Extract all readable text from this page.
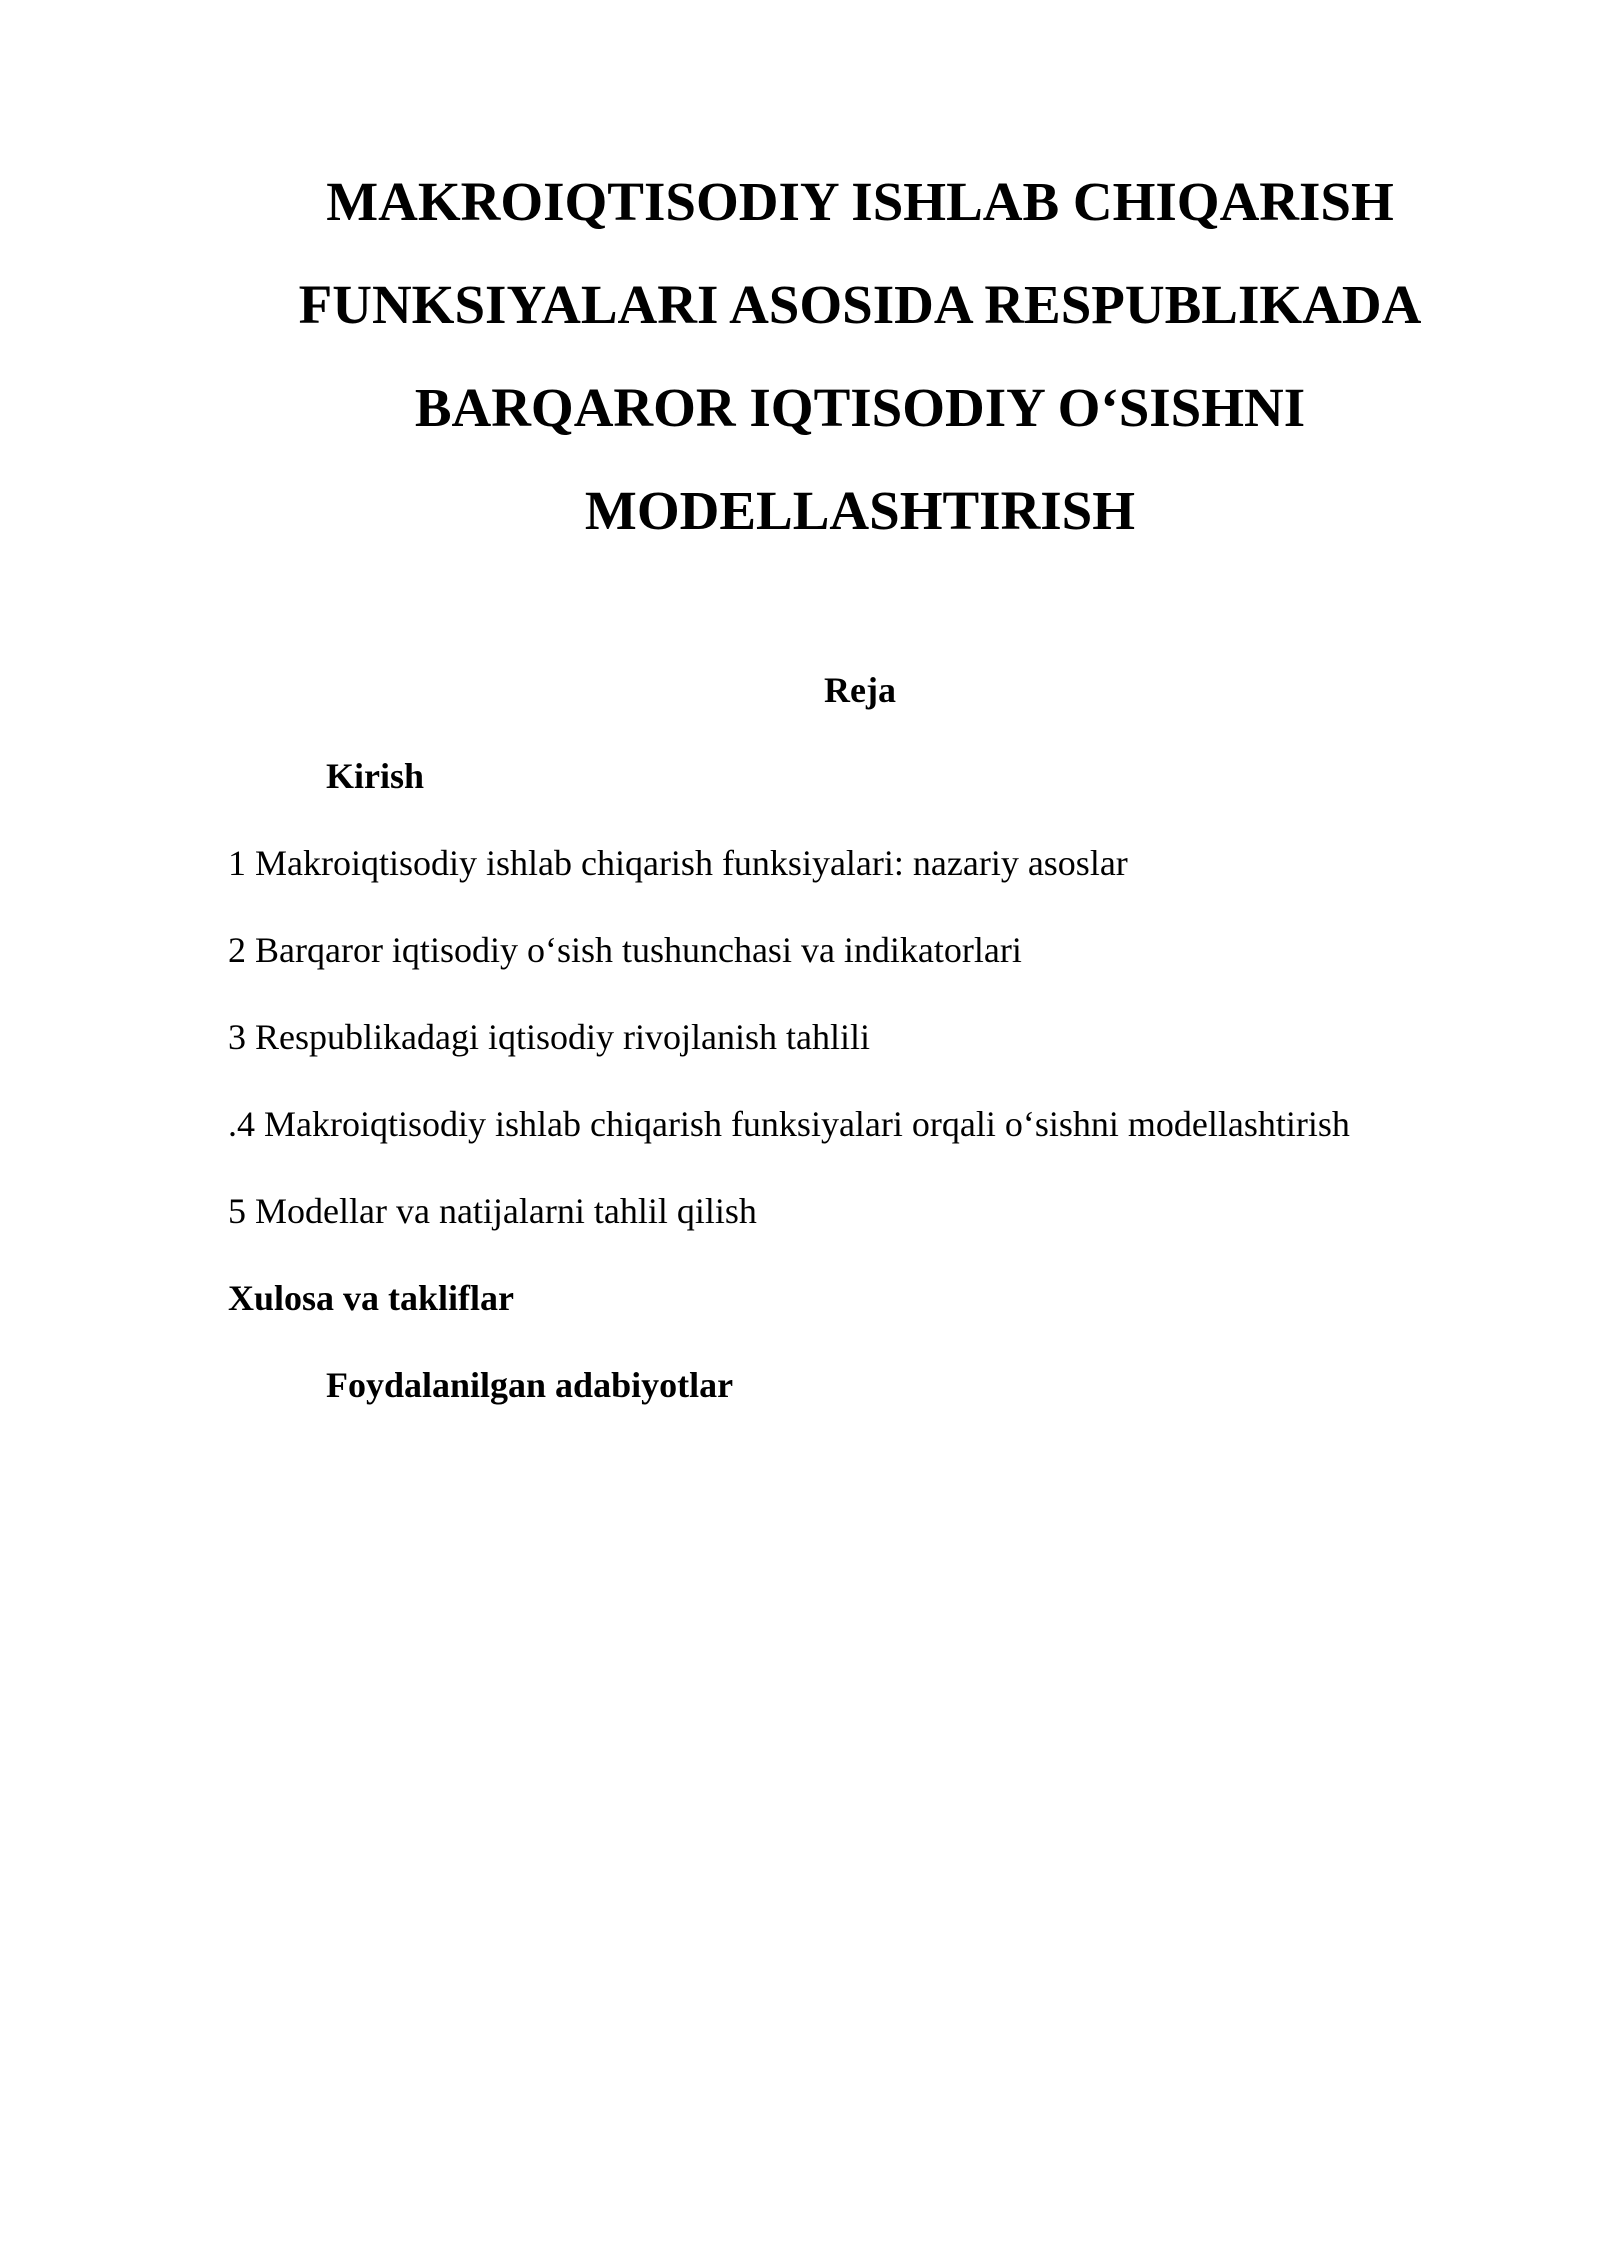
MAKROIQTISODIY ISHLAB CHIQARISH
FUNKSIYALARI ASOSIDA RESPUBLIKADA
BARQAROR IQTISODIY O‘SISHNI
MODELLASHTIRISH
Reja
Kirish
1 Makroiqtisodiy ishlab chiqarish funksiyalari: nazariy asoslar
2 Barqaror iqtisodiy o‘sish tushunchasi va indikatorlari
3 Respublikadagi iqtisodiy rivojlanish tahlili
.4 Makroiqtisodiy ishlab chiqarish funksiyalari orqali o‘sishni modellashtirish
5 Modellar va natijalarni tahlil qilish
Xulosa va takliflar
Foydalanilgan adabiyotlar
